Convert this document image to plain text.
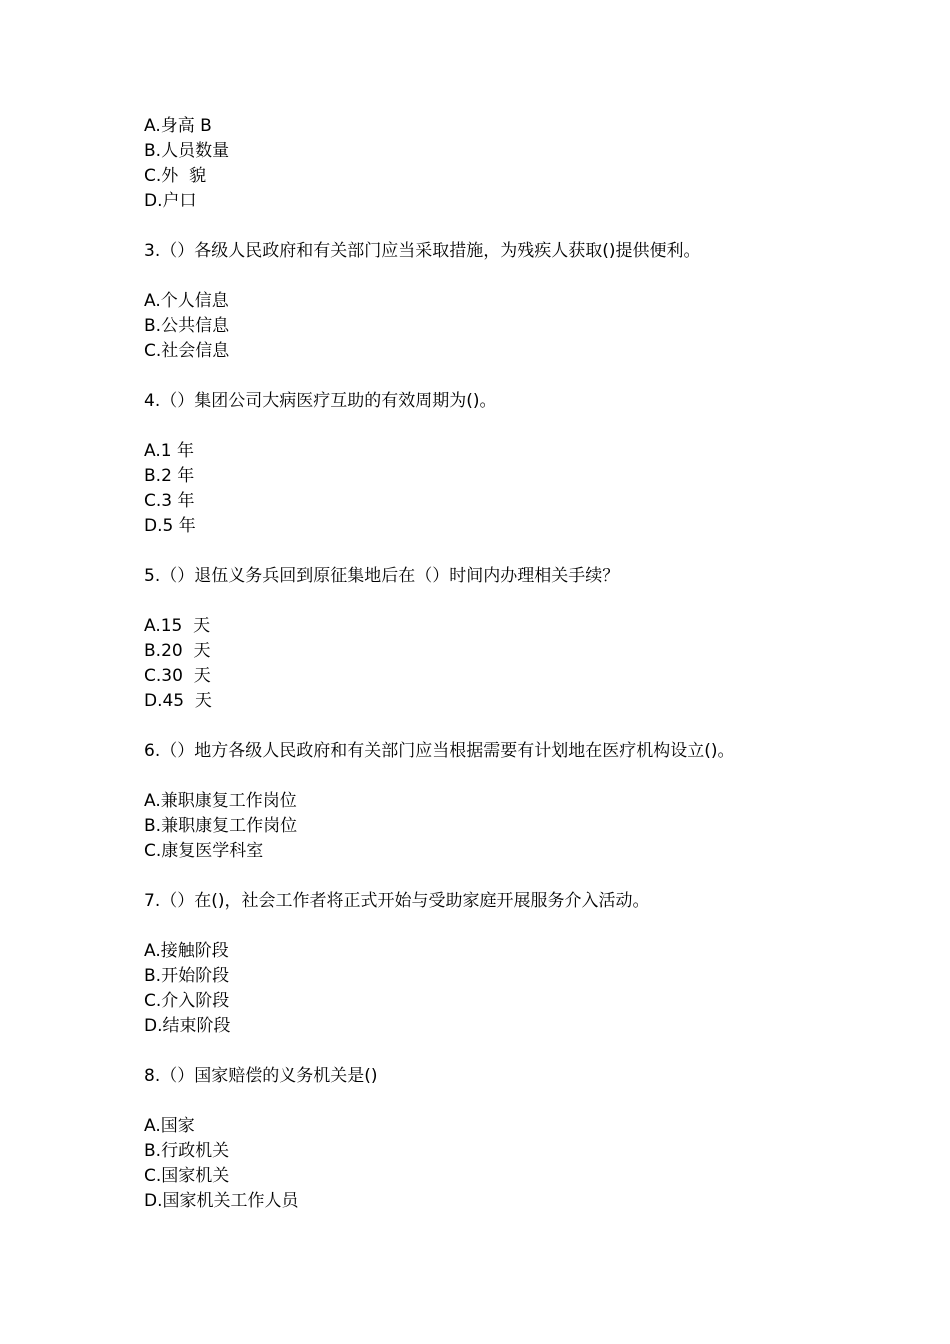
A.身高 B
B.人员数量
C.外  貌
D.户口
3.（）各级人民政府和有关部门应当采取措施，为残疾人获取()提供便利。
A.个人信息
B.公共信息
C.社会信息
4.（）集团公司大病医疗互助的有效周期为()。
A.1 年
B.2 年
C.3 年
D.5 年
5.（）退伍义务兵回到原征集地后在（）时间内办理相关手续？
A.15  天
B.20  天
C.30  天
D.45  天
6.（）地方各级人民政府和有关部门应当根据需要有计划地在医疗机构设立()。
A.兼职康复工作岗位
B.兼职康复工作岗位
C.康复医学科室
7.（）在()，社会工作者将正式开始与受助家庭开展服务介入活动。
A.接触阶段
B.开始阶段
C.介入阶段
D.结束阶段
8.（）国家赔偿的义务机关是()
A.国家
B.行政机关
C.国家机关
D.国家机关工作人员
